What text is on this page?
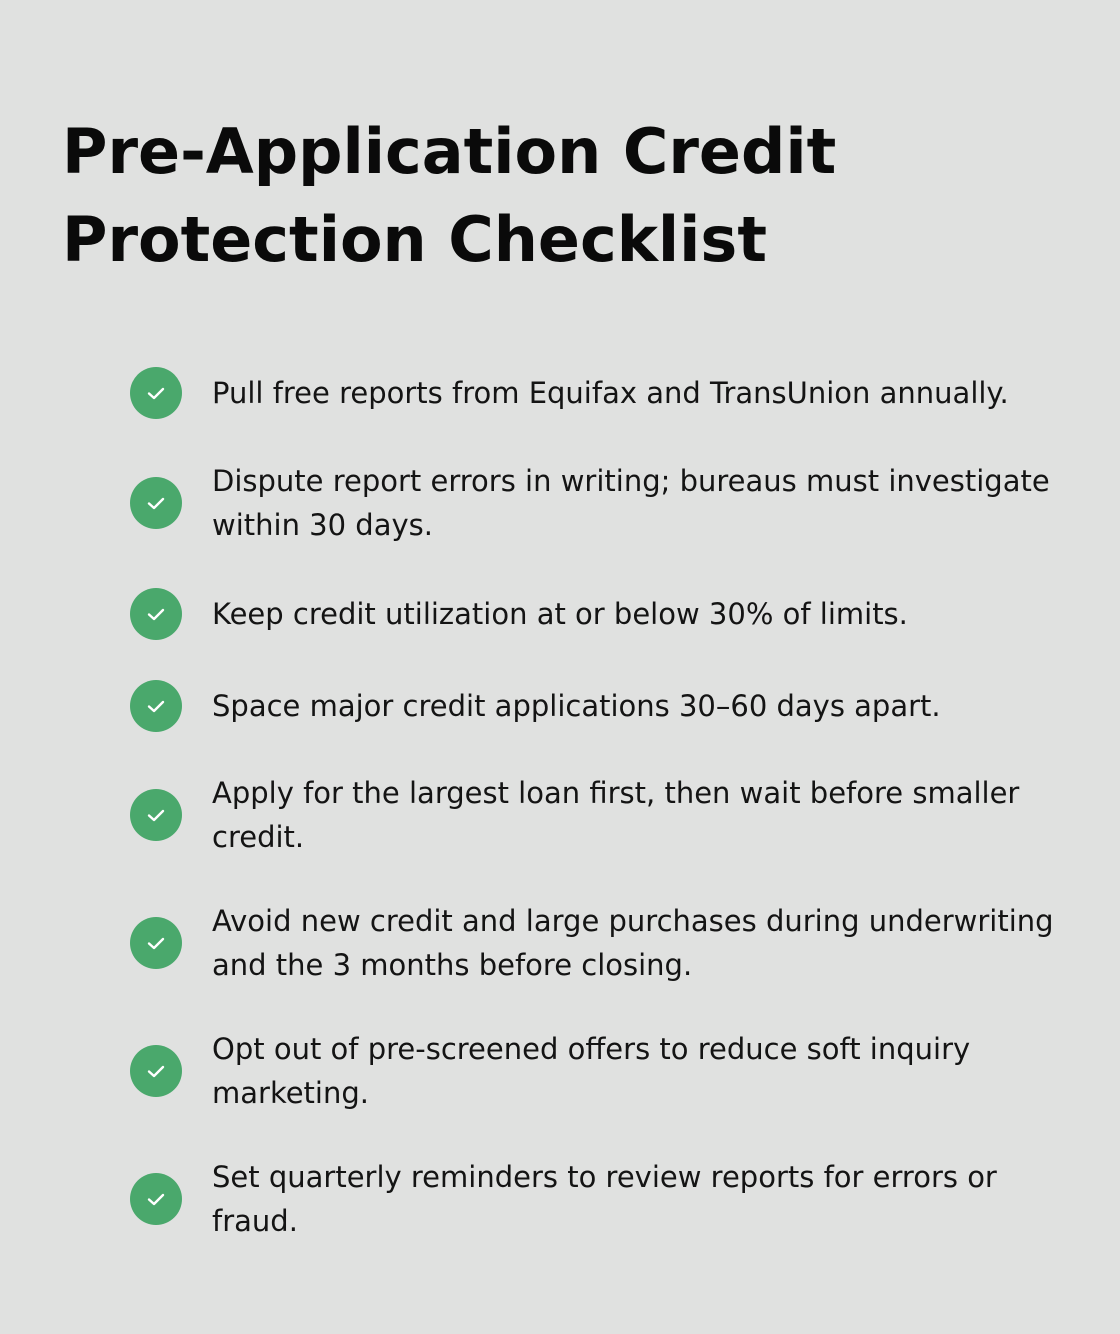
Pre-Application Credit Protection Checklist
Pull free reports from Equifax and TransUnion annually.
Dispute report errors in writing; bureaus must investigate within 30 days.
Keep credit utilization at or below 30% of limits.
Space major credit applications 30–60 days apart.
Apply for the largest loan first, then wait before smaller credit.
Avoid new credit and large purchases during underwriting and the 3 months before closing.
Opt out of pre-screened offers to reduce soft inquiry marketing.
Set quarterly reminders to review reports for errors or fraud.
